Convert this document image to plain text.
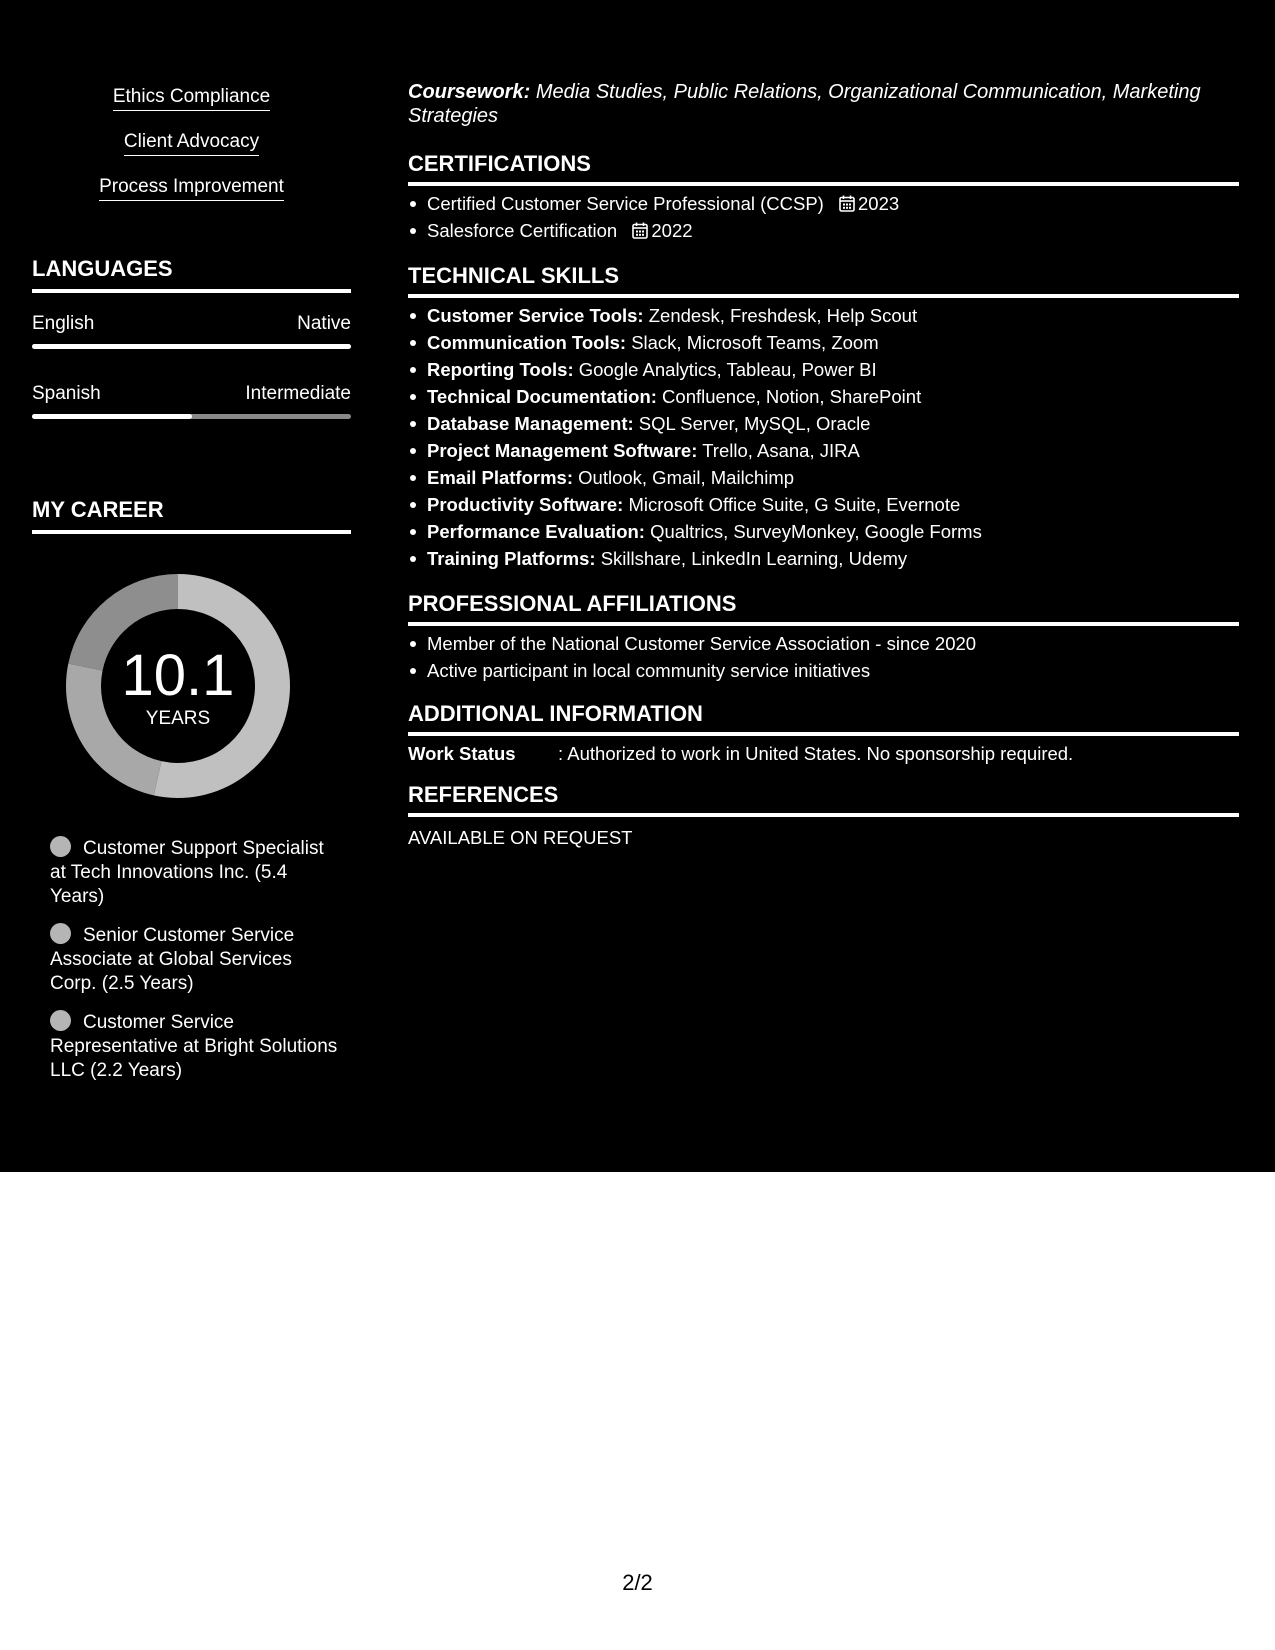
Ethics Compliance
Client Advocacy
Process Improvement
LANGUAGES
English	Native
Spanish	Intermediate
MY CAREER
10.1
YEARS
Customer Support Specialist at Tech Innovations Inc. (5.4 Years)
Senior Customer Service Associate at Global Services Corp. (2.5 Years)
Customer Service Representative at Bright Solutions LLC (2.2 Years)
Coursework: Media Studies, Public Relations, Organizational Communication, Marketing Strategies
CERTIFICATIONS
Certified Customer Service Professional (CCSP) 2023
Salesforce Certification 2022
TECHNICAL SKILLS
Customer Service Tools: Zendesk, Freshdesk, Help Scout
Communication Tools: Slack, Microsoft Teams, Zoom
Reporting Tools: Google Analytics, Tableau, Power BI
Technical Documentation: Confluence, Notion, SharePoint
Database Management: SQL Server, MySQL, Oracle
Project Management Software: Trello, Asana, JIRA
Email Platforms: Outlook, Gmail, Mailchimp
Productivity Software: Microsoft Office Suite, G Suite, Evernote
Performance Evaluation: Qualtrics, SurveyMonkey, Google Forms
Training Platforms: Skillshare, LinkedIn Learning, Udemy
PROFESSIONAL AFFILIATIONS
Member of the National Customer Service Association - since 2020
Active participant in local community service initiatives
ADDITIONAL INFORMATION
Work Status : Authorized to work in United States. No sponsorship required.
REFERENCES
AVAILABLE ON REQUEST
2/2
